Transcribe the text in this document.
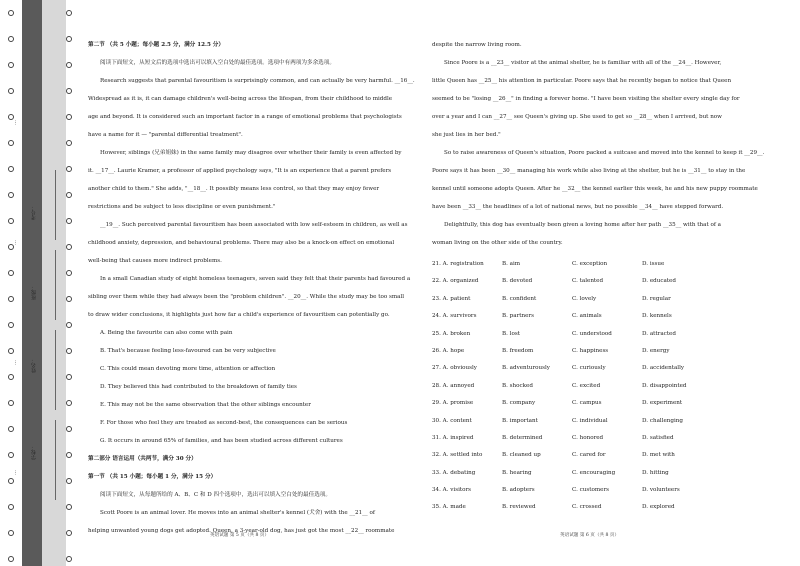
学校：
姓名：
班级：
考号：
…
…
…
…

第二节 （共 5 小题；每小题 2.5 分，满分 12.5 分）

阅读下面短文，从短文后的选项中选出可以填入空白处的最佳选项。选项中有两项为多余选项。

Research suggests that parental favouritism is surprisingly common, and can actually be very harmful. __16__.

Widespread as it is, it can damage children's well-being across the lifespan, from their childhood to middle

age and beyond. It is considered such an important factor in a range of emotional problems that psychologists

have a name for it — "parental differential treatment".

However, siblings (兄弟姐妹) in the same family may disagree over whether their family is even affected by

it. __17__. Laurie Kramer, a professor of applied psychology says, "It is an experience that a parent prefers

another child to them." She adds, "__18__. It possibly means less control, so that they may enjoy fewer

restrictions and be subject to less discipline or even punishment."

__19__. Such perceived parental favouritism has been associated with low self-esteem in children, as well as

childhood anxiety, depression, and behavioural problems. There may also be a knock-on effect on emotional

well-being that causes more indirect problems.

In a small Canadian study of eight homeless teenagers, seven said they felt that their parents had favoured a

sibling over them while they had always been the "problem children". __20__. While the study may be too small

to draw wider conclusions, it highlights just how far a child's experience of favouritism can potentially go.

A. Being the favourite can also come with pain

B. That's because feeling less-favoured can be very subjective

C. This could mean devoting more time, attention or affection

D. They believed this had contributed to the breakdown of family ties

E. This may not be the same observation that the other siblings encounter

F. For those who feel they are treated as second-best, the consequences can be serious

G. It occurs in around 65% of families, and has been studied across different cultures

第二部分 语言运用（共两节，满分 30 分）

第一节 （共 15 小题；每小题 1 分，满分 15 分）

阅读下面短文，从每题所给的 A、B、C 和 D 四个选项中，选出可以填入空白处的最佳选项。

Scott Poore is an animal lover. He moves into an animal shelter's kennel (犬舍) with the __21__ of

helping unwanted young dogs get adopted. Queen, a 3-year-old dog, has just got the most __22__ roommate

despite the narrow living room.

Since Poore is a __23__ visitor at the animal shelter, he is familiar with all of the __24__. However,

little Queen has __25__ his attention in particular. Poore says that he recently began to notice that Queen

seemed to be "losing __26__" in finding a forever home. "I have been visiting the shelter every single day for

over a year and I can __27__ see Queen's giving up. She used to get so __28__ when I arrived, but now

she just lies in her bed."

So to raise awareness of Queen's situation, Poore packed a suitcase and moved into the kennel to keep it __29__.

Poore says it has been __30__ managing his work while also living at the shelter, but he is __31__ to stay in the

kennel until someone adopts Queen. After he __32__ the kennel earlier this week, he and his new puppy roommate

have been __33__ the headlines of a lot of national news, but no possible __34__ have stepped forward.

Delightfully, this dog has eventually been given a loving home after her path __35__ with that of a

woman living on the other side of the country.

21. A. registration	B. aim	C. exception	D. issue
22. A. organized	B. devoted	C. talented	D. educated
23. A. patient	B. confident	C. lovely	D. regular
24. A. survivors	B. partners	C. animals	D. kennels
25. A. broken	B. lost	C. understood	D. attracted
26. A. hope	B. freedom	C. happiness	D. energy
27. A. obviously	B. adventurously	C. curiously	D. accidentally
28. A. annoyed	B. shocked	C. excited	D. disappointed
29. A. promise	B. company	C. campus	D. experiment
30. A. content	B. important	C. individual	D. challenging
31. A. inspired	B. determined	C. honored	D. satisfied
32. A. settled into	B. cleaned up	C. cared for	D. met with
33. A. debating	B. hearing	C. encouraging	D. hitting
34. A. visitors	B. adopters	C. customers	D. volunteers
35. A. made	B. reviewed	C. crossed	D. explored
英语试题 第 5 页（共 8 页）	英语试题 第 6 页（共 8 页）
